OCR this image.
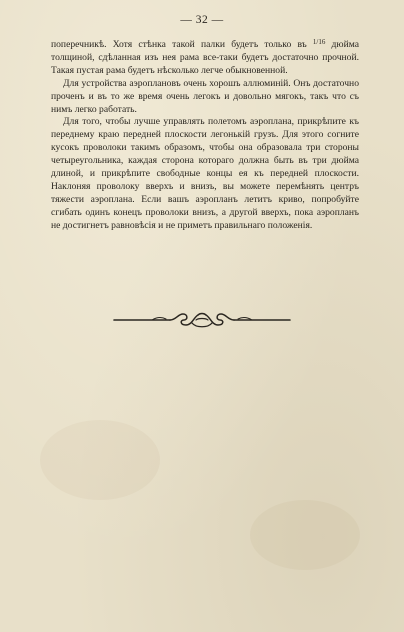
— 32 —

поперечникѣ. Хотя стѣнка такой палки будетъ только въ $^{1/16}$ дюйма толщиной, сдѣланная изъ нея рама все-таки будетъ достаточно прочной. Такая пустая рама будетъ нѣсколько легче обыкновенной.

Для устройства аэроплановъ очень хорошъ аллюминій. Онъ достаточно проченъ и въ то же время очень легокъ и довольно мягокъ, такъ что съ нимъ легко работать.

Для того, чтобы лучше управлять полетомъ аэроплана, прикрѣпите къ переднему краю передней плоскости легонькій грузъ. Для этого согните кусокъ проволоки такимъ образомъ, чтобы она образовала три стороны четыреугольника, каждая сторона котораго должна быть въ три дюйма длиной, и прикрѣпите свободные концы ея къ передней плоскости. Наклоняя проволоку вверхъ и внизъ, вы можете перемѣнять центръ тяжести аэроплана. Если вашъ аэропланъ летитъ криво, попробуйте сгибать одинъ конецъ проволоки внизъ, а другой вверхъ, пока аэропланъ не достигнетъ равновѣсія и не приметъ правильнаго положенія.
